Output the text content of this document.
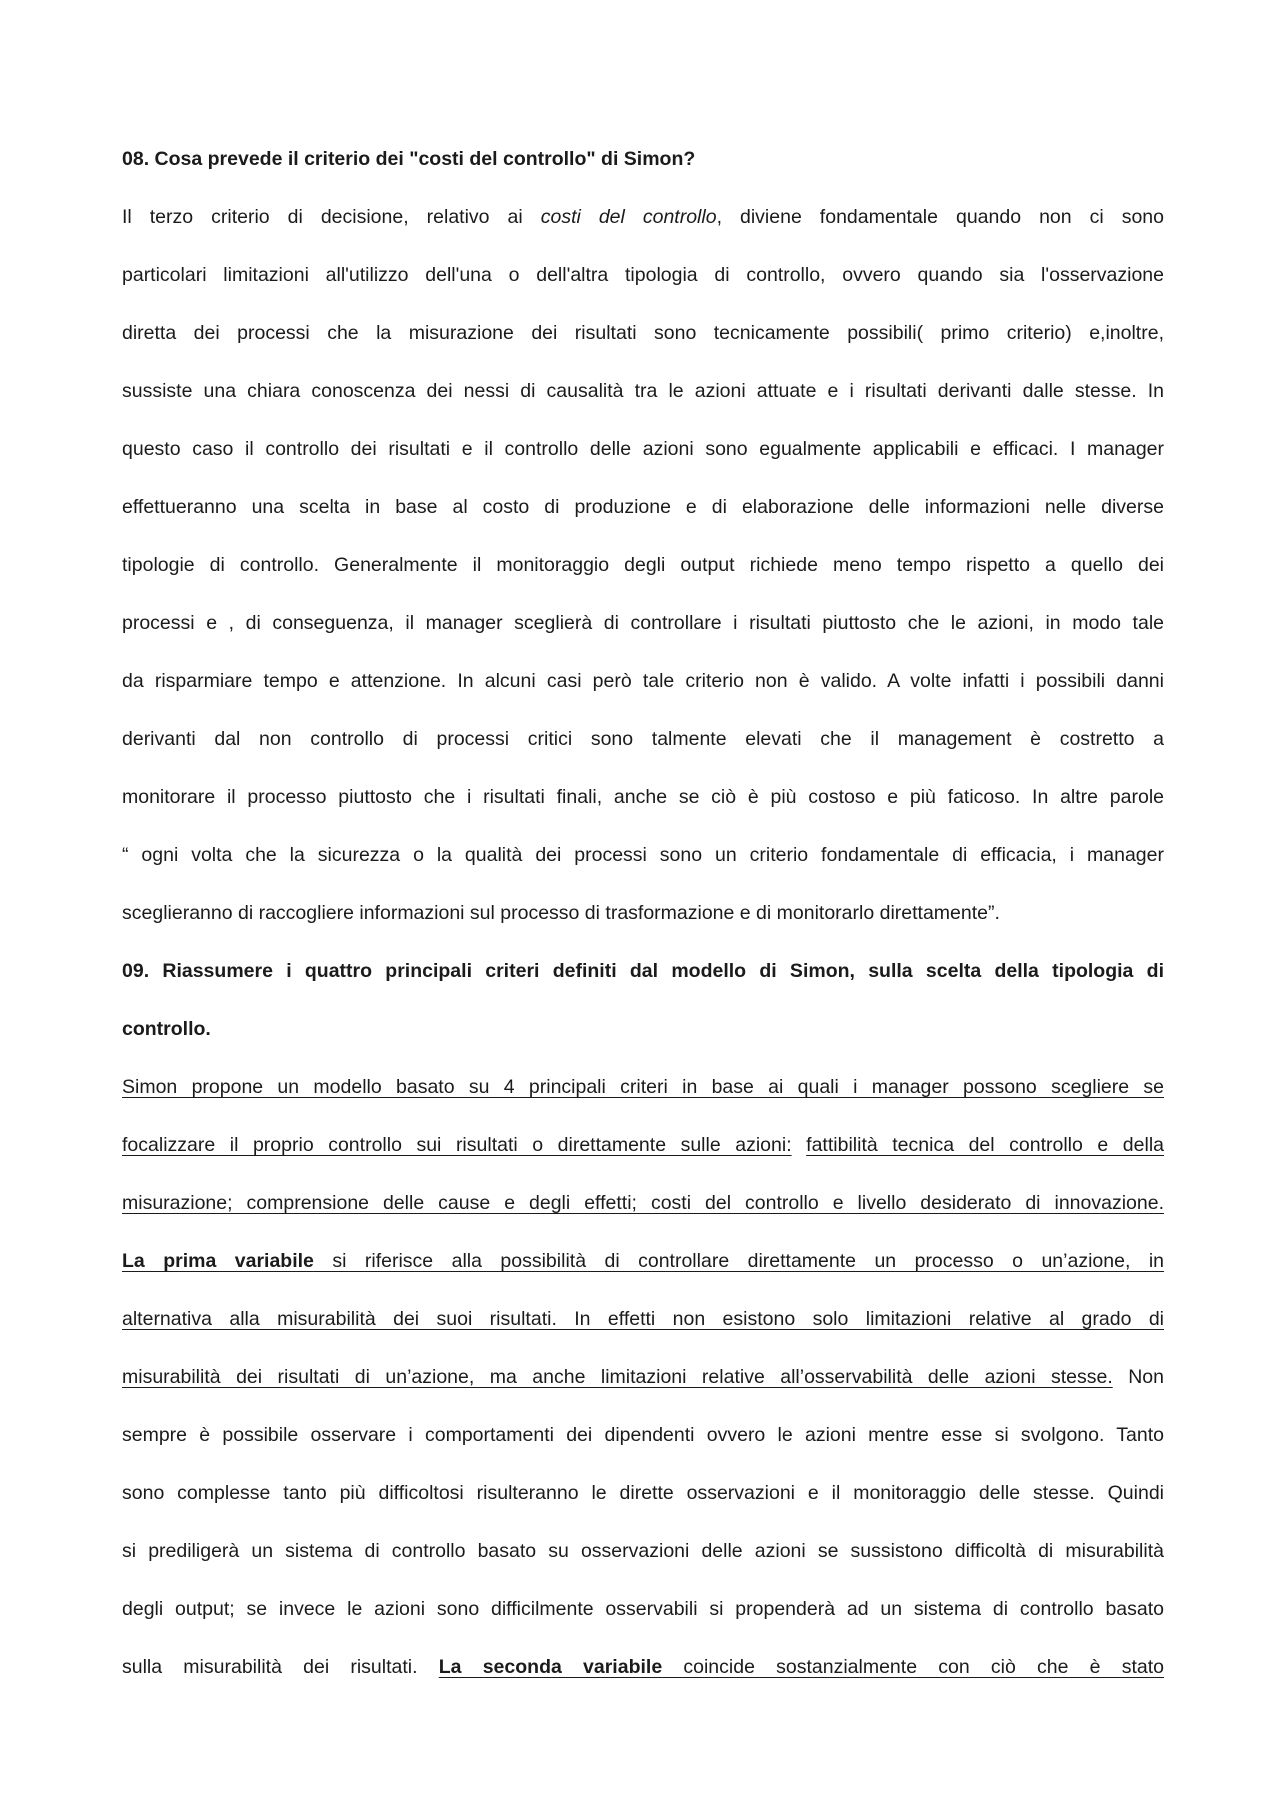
08. Cosa prevede il criterio dei "costi del controllo" di Simon?
Il terzo criterio di decisione, relativo ai costi del controllo, diviene fondamentale quando non ci sono
particolari limitazioni all'utilizzo dell'una o dell'altra tipologia di controllo, ovvero quando sia l'osservazione
diretta dei processi che la misurazione dei risultati sono tecnicamente possibili( primo criterio) e,inoltre,
sussiste una chiara conoscenza dei nessi di causalità tra le azioni attuate e i risultati derivanti dalle stesse. In
questo caso il controllo dei risultati e il controllo delle azioni sono egualmente applicabili e efficaci. I manager
effettueranno una scelta in base al costo di produzione e di elaborazione delle informazioni nelle diverse
tipologie di controllo. Generalmente il monitoraggio degli output richiede meno tempo rispetto a quello dei
processi e , di conseguenza, il manager sceglierà di controllare i risultati piuttosto che le azioni, in modo tale
da risparmiare tempo e attenzione. In alcuni casi però tale criterio non è valido. A volte infatti i possibili danni
derivanti dal non controllo di processi critici sono talmente elevati che il management è costretto a
monitorare il processo piuttosto che i risultati finali, anche se ciò è più costoso e più faticoso. In altre parole
“ ogni volta che la sicurezza o la qualità dei processi sono un criterio fondamentale di efficacia, i manager
sceglieranno di raccogliere informazioni sul processo di trasformazione e di monitorarlo direttamente”.
09. Riassumere i quattro principali criteri definiti dal modello di Simon, sulla scelta della tipologia di
controllo.
Simon propone un modello basato su 4 principali criteri in base ai quali i manager possono scegliere se
focalizzare il proprio controllo sui risultati o direttamente sulle azioni: fattibilità tecnica del controllo e della
misurazione; comprensione delle cause e degli effetti; costi del controllo e livello desiderato di innovazione.
La prima variabile si riferisce alla possibilità di controllare direttamente un processo o un’azione, in
alternativa alla misurabilità dei suoi risultati. In effetti non esistono solo limitazioni relative al grado di
misurabilità dei risultati di un’azione, ma anche limitazioni relative all’osservabilità delle azioni stesse. Non
sempre è possibile osservare i comportamenti dei dipendenti ovvero le azioni mentre esse si svolgono. Tanto
sono complesse tanto più difficoltosi risulteranno le dirette osservazioni e il monitoraggio delle stesse. Quindi
si prediligerà un sistema di controllo basato su osservazioni delle azioni se sussistono difficoltà di misurabilità
degli output; se invece le azioni sono difficilmente osservabili si propenderà ad un sistema di controllo basato
sulla misurabilità dei risultati. La seconda variabile coincide sostanzialmente con ciò che è stato
